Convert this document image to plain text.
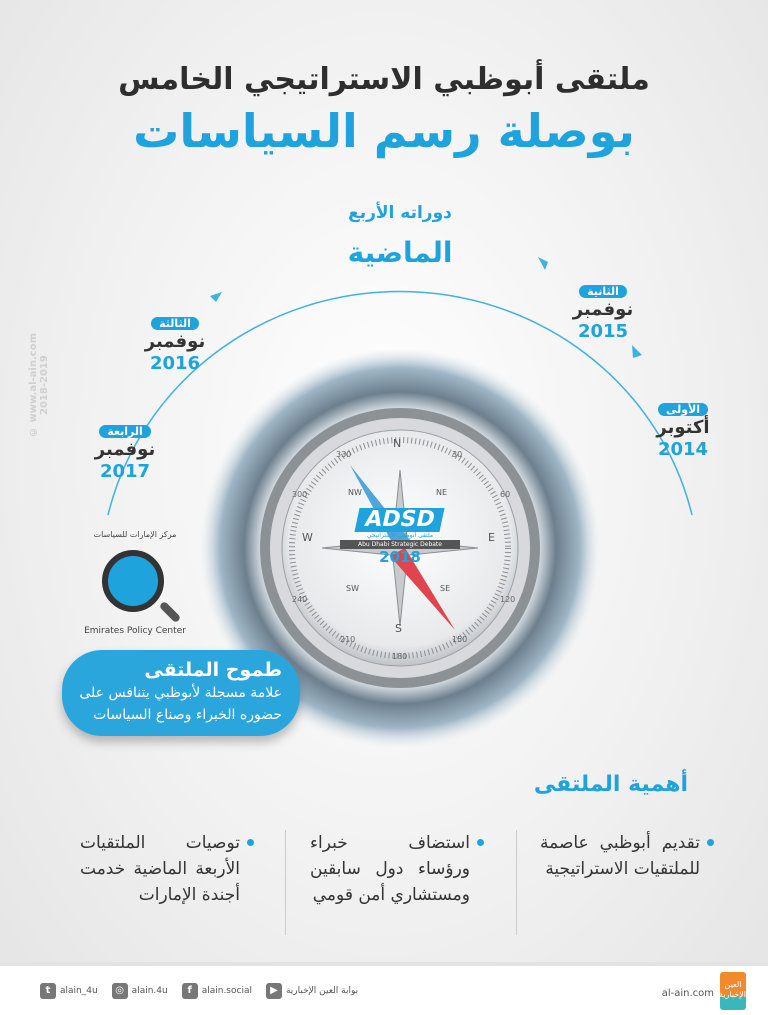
ملتقى أبوظبي الاستراتيجي الخامس
بوصلة رسم السياسات
N
NE
E
SE
S
SW
W
NW
180
150
120
210
240
300
330	30
60
ADSD
ملتقى أبوظبي الاستراتيجي
Abu Dhabi Strategic Debate
2018
دوراته الأربع
الماضية
الأولى
أكتوبر
2014
الثانية
نوفمبر
2015
الثالثة
نوفمبر
2016
الرابعة
نوفمبر
2017
© www.al-ain.com 2018-2019
مركز الإمارات للسياسات
Emirates Policy Center
طموح الملتقى
علامة مسجلة لأبوظبي يتنافس على
حضوره الخبراء وصناع السياسات
أهمية الملتقى
تقديم أبوظبي عاصمة للملتقيات الاستراتيجية
استضاف خبراء ورؤساء دول سابقين ومستشاري أمن قومي
توصيات الملتقيات الأربعة الماضية خدمت أجندة الإمارات
العين الإخبارية
al-ain.com
t	alain_4u	◎ alain.4u	f	alain.social	▶ بوابة العين الإخبارية
